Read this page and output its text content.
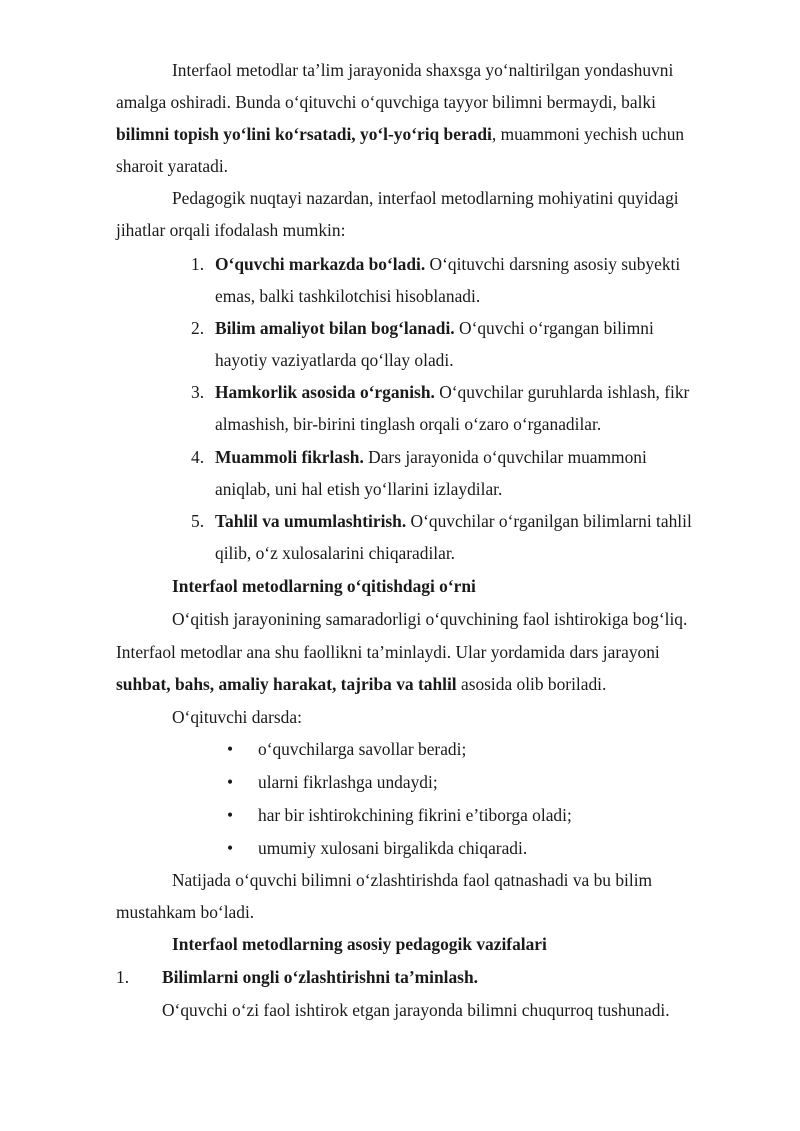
Interfaol metodlar ta’lim jarayonida shaxsga yo‘naltirilgan yondashuvni
amalga oshiradi. Bunda o‘qituvchi o‘quvchiga tayyor bilimni bermaydi, balki
bilimni topish yo‘lini ko‘rsatadi, yo‘l-yo‘riq beradi, muammoni yechish uchun
sharoit yaratadi.
Pedagogik nuqtayi nazardan, interfaol metodlarning mohiyatini quyidagi
jihatlar orqali ifodalash mumkin:
1. O‘quvchi markazda bo‘ladi. O‘qituvchi darsning asosiy subyekti
emas, balki tashkilotchisi hisoblanadi.
2. Bilim amaliyot bilan bog‘lanadi. O‘quvchi o‘rgangan bilimni
hayotiy vaziyatlarda qo‘llay oladi.
3. Hamkorlik asosida o‘rganish. O‘quvchilar guruhlarda ishlash, fikr
almashish, bir-birini tinglash orqali o‘zaro o‘rganadilar.
4. Muammoli fikrlash. Dars jarayonida o‘quvchilar muammoni
aniqlab, uni hal etish yo‘llarini izlaydilar.
5. Tahlil va umumlashtirish. O‘quvchilar o‘rganilgan bilimlarni tahlil
qilib, o‘z xulosalarini chiqaradilar.
Interfaol metodlarning o‘qitishdagi o‘rni
O‘qitish jarayonining samaradorligi o‘quvchining faol ishtirokiga bog‘liq.
Interfaol metodlar ana shu faollikni ta’minlaydi. Ular yordamida dars jarayoni
suhbat, bahs, amaliy harakat, tajriba va tahlil asosida olib boriladi.
O‘qituvchi darsda:
• o‘quvchilarga savollar beradi;
• ularni fikrlashga undaydi;
• har bir ishtirokchining fikrini e’tiborga oladi;
• umumiy xulosani birgalikda chiqaradi.
Natijada o‘quvchi bilimni o‘zlashtirishda faol qatnashadi va bu bilim
mustahkam bo‘ladi.
Interfaol metodlarning asosiy pedagogik vazifalari
1. Bilimlarni ongli o‘zlashtirishni ta’minlash.
O‘quvchi o‘zi faol ishtirok etgan jarayonda bilimni chuqurroq tushunadi.
